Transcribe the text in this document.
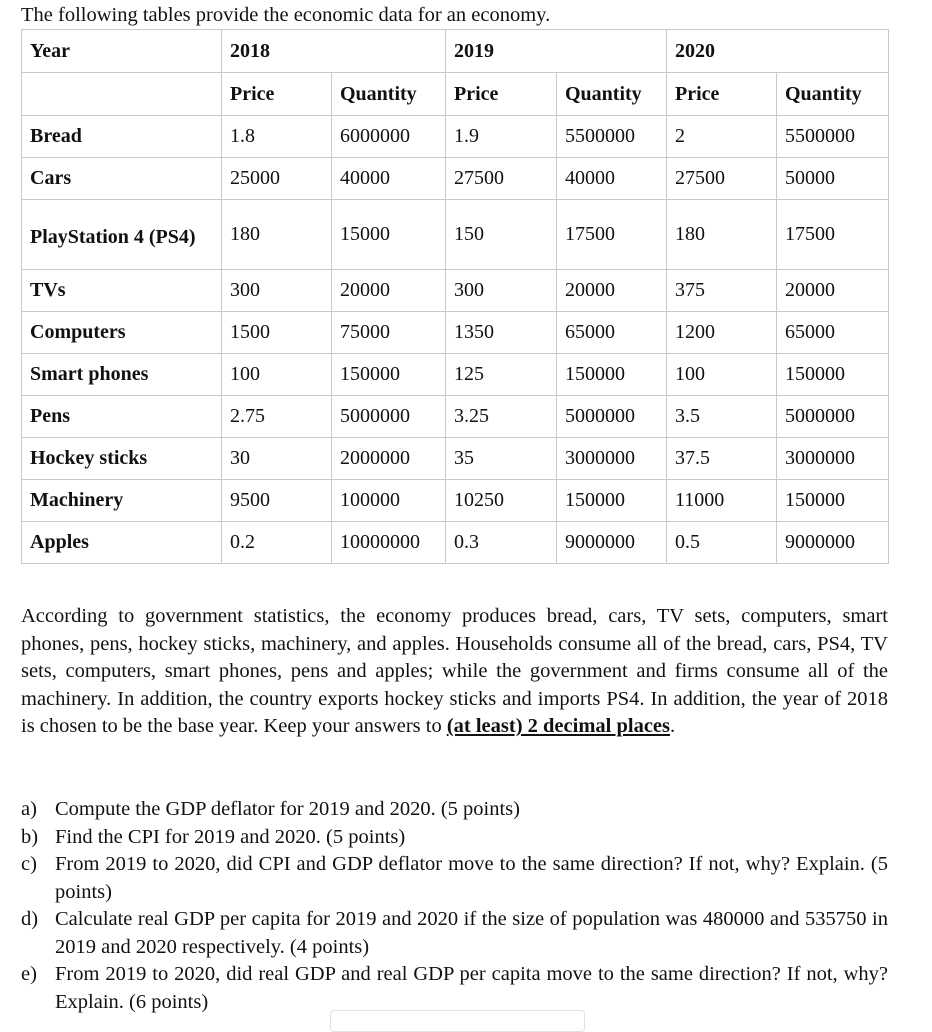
The following tables provide the economic data for an economy.
Year	2018		2019		2020	
	Price	Quantity	Price	Quantity	Price	Quantity
Bread	1.8	6000000	1.9	5500000	2	5500000
Cars	25000	40000	27500	40000	27500	50000
PlayStation 4 (PS4)	180	15000	150	17500	180	17500
TVs	300	20000	300	20000	375	20000
Computers	1500	75000	1350	65000	1200	65000
Smart phones	100	150000	125	150000	100	150000
Pens	2.75	5000000	3.25	5000000	3.5	5000000
Hockey sticks	30	2000000	35	3000000	37.5	3000000
Machinery	9500	100000	10250	150000	11000	150000
Apples	0.2	10000000	0.3	9000000	0.5	9000000
According to government statistics, the economy produces bread, cars, TV sets, computers, smart phones, pens, hockey sticks, machinery, and apples. Households consume all of the bread, cars, PS4, TV sets, computers, smart phones, pens and apples; while the government and firms consume all of the machinery. In addition, the country exports hockey sticks and imports PS4. In addition, the year of 2018 is chosen to be the base year. Keep your answers to (at least) 2 decimal places.
a) Compute the GDP deflator for 2019 and 2020. (5 points)
b) Find the CPI for 2019 and 2020. (5 points)
c) From 2019 to 2020, did CPI and GDP deflator move to the same direction? If not, why? Explain. (5 points)
d) Calculate real GDP per capita for 2019 and 2020 if the size of population was 480000 and 535750 in 2019 and 2020 respectively. (4 points)
e) From 2019 to 2020, did real GDP and real GDP per capita move to the same direction? If not, why? Explain. (6 points)
